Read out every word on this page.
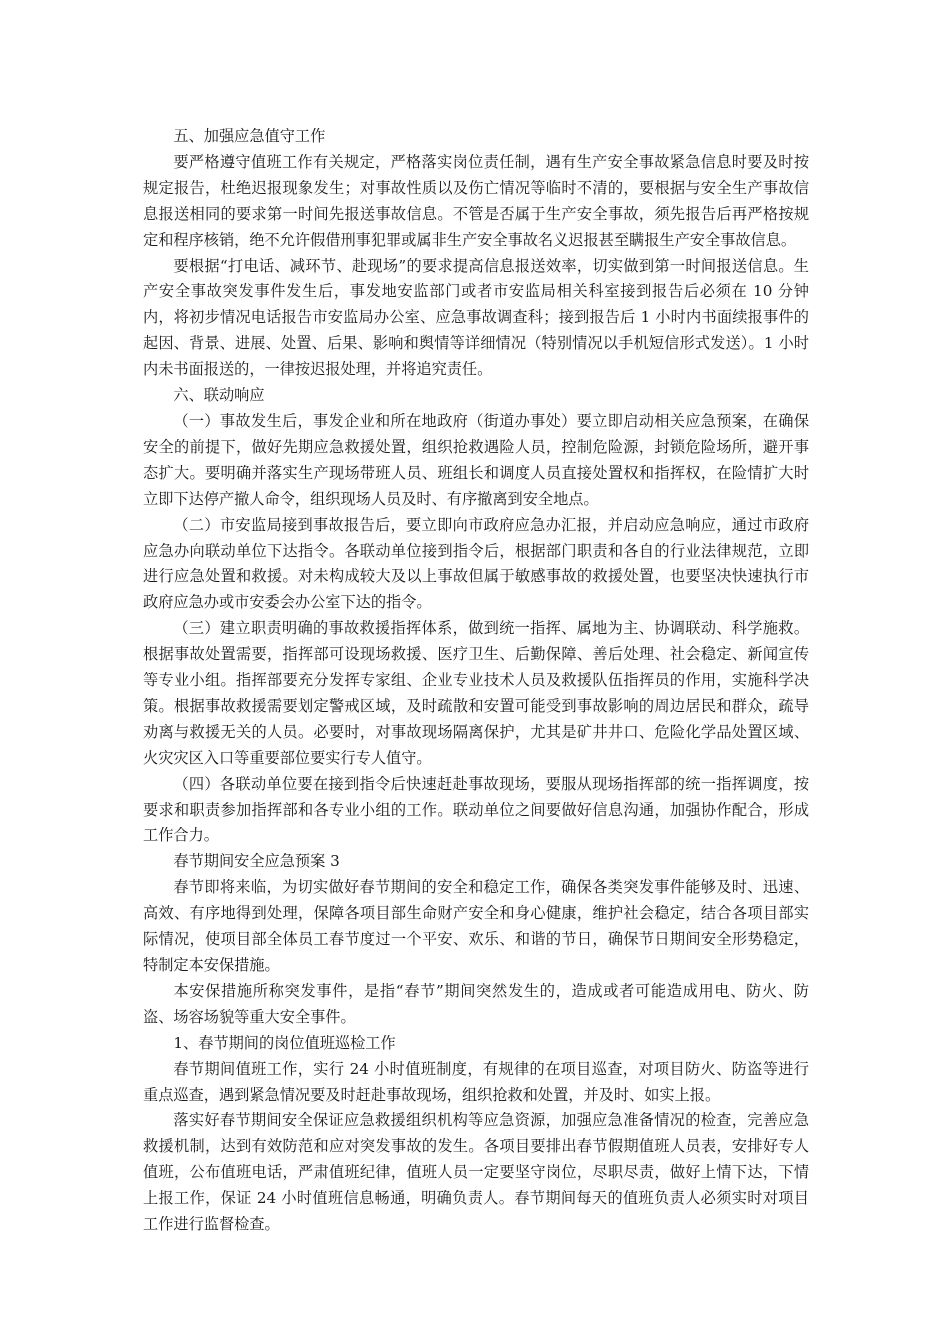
五、加强应急值守工作

要严格遵守值班工作有关规定，严格落实岗位责任制，遇有生产安全事故紧急信息时要及时按规定报告，杜绝迟报现象发生；对事故性质以及伤亡情况等临时不清的，要根据与安全生产事故信息报送相同的要求第一时间先报送事故信息。不管是否属于生产安全事故，须先报告后再严格按规定和程序核销，绝不允许假借刑事犯罪或属非生产安全事故名义迟报甚至瞒报生产安全事故信息。

要根据“打电话、减环节、赴现场”的要求提高信息报送效率，切实做到第一时间报送信息。生产安全事故突发事件发生后，事发地安监部门或者市安监局相关科室接到报告后必须在 10 分钟内，将初步情况电话报告市安监局办公室、应急事故调查科；接到报告后 1 小时内书面续报事件的起因、背景、进展、处置、后果、影响和舆情等详细情况（特别情况以手机短信形式发送）。1 小时内未书面报送的，一律按迟报处理，并将追究责任。

六、联动响应

（一）事故发生后，事发企业和所在地政府（街道办事处）要立即启动相关应急预案，在确保安全的前提下，做好先期应急救援处置，组织抢救遇险人员，控制危险源，封锁危险场所，避开事态扩大。要明确并落实生产现场带班人员、班组长和调度人员直接处置权和指挥权，在险情扩大时立即下达停产撤人命令，组织现场人员及时、有序撤离到安全地点。

（二）市安监局接到事故报告后，要立即向市政府应急办汇报，并启动应急响应，通过市政府应急办向联动单位下达指令。各联动单位接到指令后，根据部门职责和各自的行业法律规范，立即进行应急处置和救援。对未构成较大及以上事故但属于敏感事故的救援处置，也要坚决快速执行市政府应急办或市安委会办公室下达的指令。

（三）建立职责明确的事故救援指挥体系，做到统一指挥、属地为主、协调联动、科学施救。根据事故处置需要，指挥部可设现场救援、医疗卫生、后勤保障、善后处理、社会稳定、新闻宣传等专业小组。指挥部要充分发挥专家组、企业专业技术人员及救援队伍指挥员的作用，实施科学决策。根据事故救援需要划定警戒区域，及时疏散和安置可能受到事故影响的周边居民和群众，疏导劝离与救援无关的人员。必要时，对事故现场隔离保护，尤其是矿井井口、危险化学品处置区域、火灾灾区入口等重要部位要实行专人值守。

（四）各联动单位要在接到指令后快速赶赴事故现场，要服从现场指挥部的统一指挥调度，按要求和职责参加指挥部和各专业小组的工作。联动单位之间要做好信息沟通，加强协作配合，形成工作合力。

春节期间安全应急预案 3

春节即将来临，为切实做好春节期间的安全和稳定工作，确保各类突发事件能够及时、迅速、高效、有序地得到处理，保障各项目部生命财产安全和身心健康，维护社会稳定，结合各项目部实际情况，使项目部全体员工春节度过一个平安、欢乐、和谐的节日，确保节日期间安全形势稳定，特制定本安保措施。

本安保措施所称突发事件，是指“春节”期间突然发生的，造成或者可能造成用电、防火、防盗、场容场貌等重大安全事件。

1、春节期间的岗位值班巡检工作

春节期间值班工作，实行 24 小时值班制度，有规律的在项目巡查，对项目防火、防盗等进行重点巡查，遇到紧急情况要及时赶赴事故现场，组织抢救和处置，并及时、如实上报。

落实好春节期间安全保证应急救援组织机构等应急资源，加强应急准备情况的检查，完善应急救援机制，达到有效防范和应对突发事故的发生。各项目要排出春节假期值班人员表，安排好专人值班，公布值班电话，严肃值班纪律，值班人员一定要坚守岗位，尽职尽责，做好上情下达，下情上报工作，保证 24 小时值班信息畅通，明确负责人。春节期间每天的值班负责人必须实时对项目工作进行监督检查。
